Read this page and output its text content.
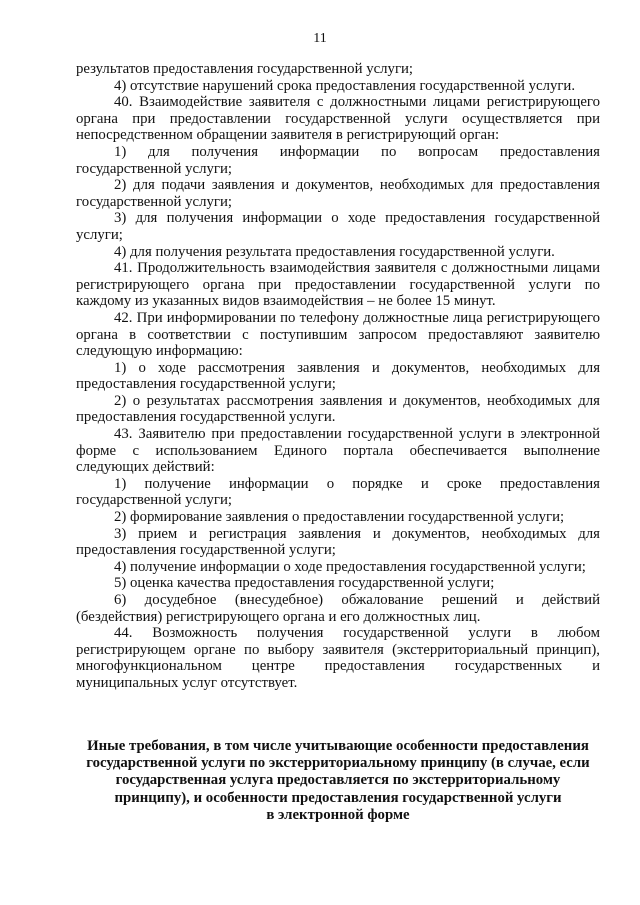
11

результатов предоставления государственной услуги;

4) отсутствие нарушений срока предоставления государственной услуги.

40. Взаимодействие заявителя с должностными лицами регистрирующего органа при предоставлении государственной услуги осуществляется при непосредственном обращении заявителя в регистрирующий орган:

1) для получения информации по вопросам предоставления государственной услуги;

2) для подачи заявления и документов, необходимых для предоставления государственной услуги;

3) для получения информации о ходе предоставления государственной услуги;

4) для получения результата предоставления государственной услуги.

41. Продолжительность взаимодействия заявителя с должностными лицами регистрирующего органа при предоставлении государственной услуги по каждому из указанных видов взаимодействия – не более 15 минут.

42. При информировании по телефону должностные лица регистрирующего органа в соответствии с поступившим запросом предоставляют заявителю следующую информацию:

1) о ходе рассмотрения заявления и документов, необходимых для предоставления государственной услуги;

2) о результатах рассмотрения заявления и документов, необходимых для предоставления государственной услуги.

43. Заявителю при предоставлении государственной услуги в электронной форме с использованием Единого портала обеспечивается выполнение следующих действий:

1) получение информации о порядке и сроке предоставления государственной услуги;

2) формирование заявления о предоставлении государственной услуги;

3) прием и регистрация заявления и документов, необходимых для предоставления государственной услуги;

4) получение информации о ходе предоставления государственной услуги;

5) оценка качества предоставления государственной услуги;

6) досудебное (внесудебное) обжалование решений и действий (бездействия) регистрирующего органа и его должностных лиц.

44. Возможность получения государственной услуги в любом регистрирующем органе по выбору заявителя (экстерриториальный принцип), многофункциональном центре предоставления государственных и муниципальных услуг отсутствует.

Иные требования, в том числе учитывающие особенности предоставления
государственной услуги по экстерриториальному принципу (в случае, если
государственная услуга предоставляется по экстерриториальному
принципу), и особенности предоставления государственной услуги
в электронной форме
